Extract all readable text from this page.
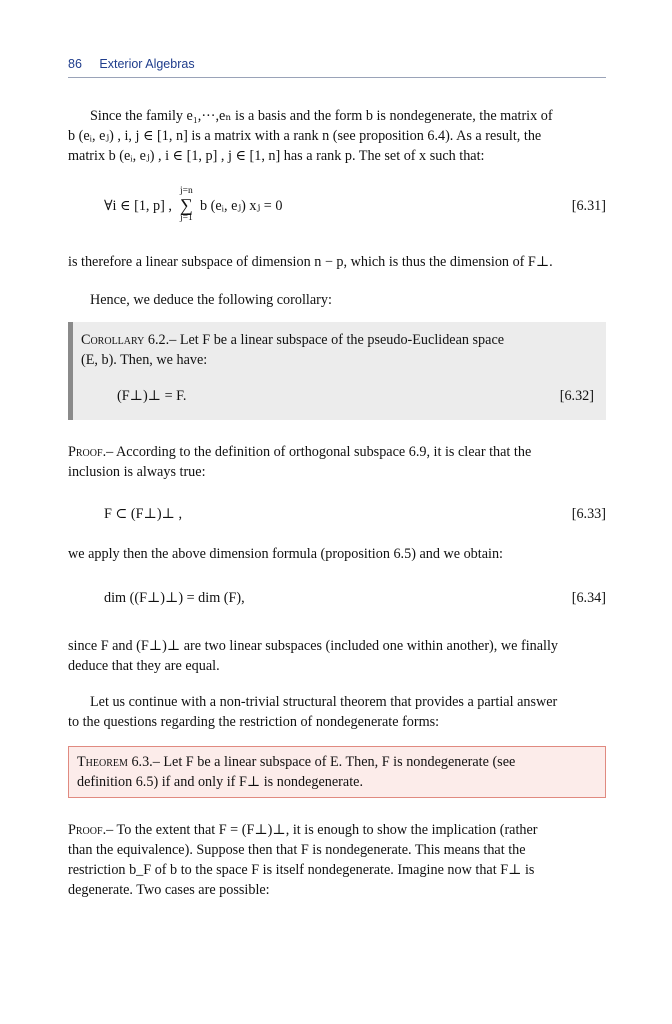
86 Exterior Algebras
Since the family e₁,···,eₙ is a basis and the form b is nondegenerate, the matrix of
b (eᵢ, eⱼ) , i, j ∈ [1, n] is a matrix with a rank n (see proposition 6.4). As a result, the
matrix b (eᵢ, eⱼ) , i ∈ [1, p] , j ∈ [1, n] has a rank p. The set of x such that:
∀i ∈ [1, p] ,
j=n
∑
j=1
b (eᵢ, eⱼ) xⱼ = 0	[6.31]
is therefore a linear subspace of dimension n − p, which is thus the dimension of F⊥.
Hence, we deduce the following corollary:
Corollary 6.2.– Let F be a linear subspace of the pseudo-Euclidean space
(E, b). Then, we have:
(F⊥)⊥ = F.	[6.32]
Proof.– According to the definition of orthogonal subspace 6.9, it is clear that the
inclusion is always true:
F ⊂ (F⊥)⊥ ,	[6.33]
we apply then the above dimension formula (proposition 6.5) and we obtain:
dim ((F⊥)⊥) = dim (F),	[6.34]
since F and (F⊥)⊥ are two linear subspaces (included one within another), we finally
deduce that they are equal.
Let us continue with a non-trivial structural theorem that provides a partial answer
to the questions regarding the restriction of nondegenerate forms:
Theorem 6.3.– Let F be a linear subspace of E. Then, F is nondegenerate (see
definition 6.5) if and only if F⊥ is nondegenerate.
Proof.– To the extent that F = (F⊥)⊥, it is enough to show the implication (rather
than the equivalence). Suppose then that F is nondegenerate. This means that the
restriction b_F of b to the space F is itself nondegenerate. Imagine now that F⊥ is
degenerate. Two cases are possible:
